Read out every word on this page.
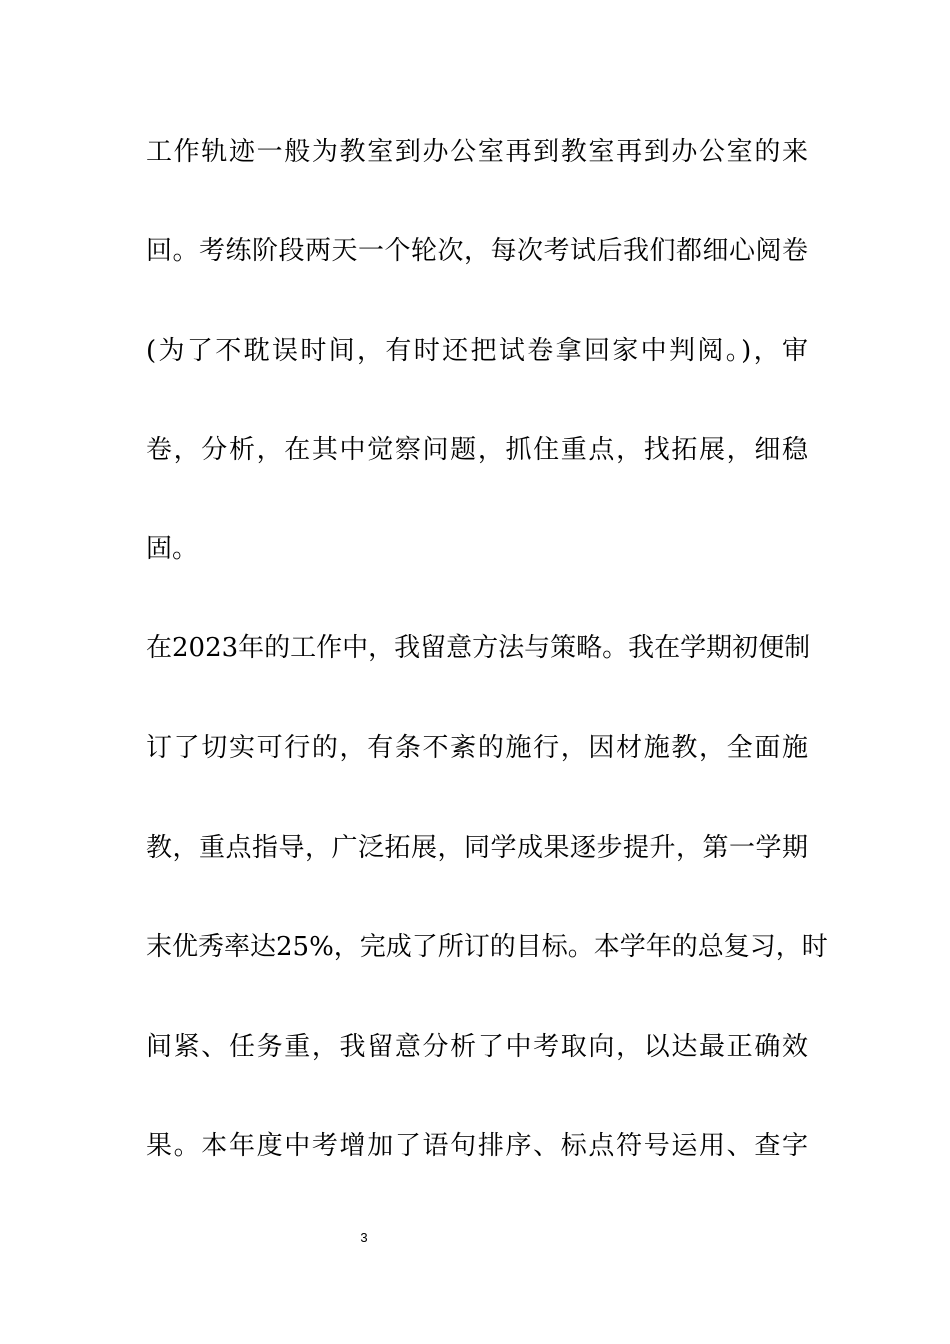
工作轨迹一般为教室到办公室再到教室再到办公室的来
回。考练阶段两天一个轮次，每次考试后我们都细心阅卷
(为了不耽误时间，有时还把试卷拿回家中判阅。)，审
卷，分析，在其中觉察问题，抓住重点，找拓展，细稳
固。
在2023年的工作中，我留意方法与策略。我在学期初便制
订了切实可行的，有条不紊的施行，因材施教，全面施
教，重点指导，广泛拓展，同学成果逐步提升，第一学期
末优秀率达25%，完成了所订的目标。本学年的总复习，时
间紧、任务重，我留意分析了中考取向，以达最正确效
果。本年度中考增加了语句排序、标点符号运用、查字
3
